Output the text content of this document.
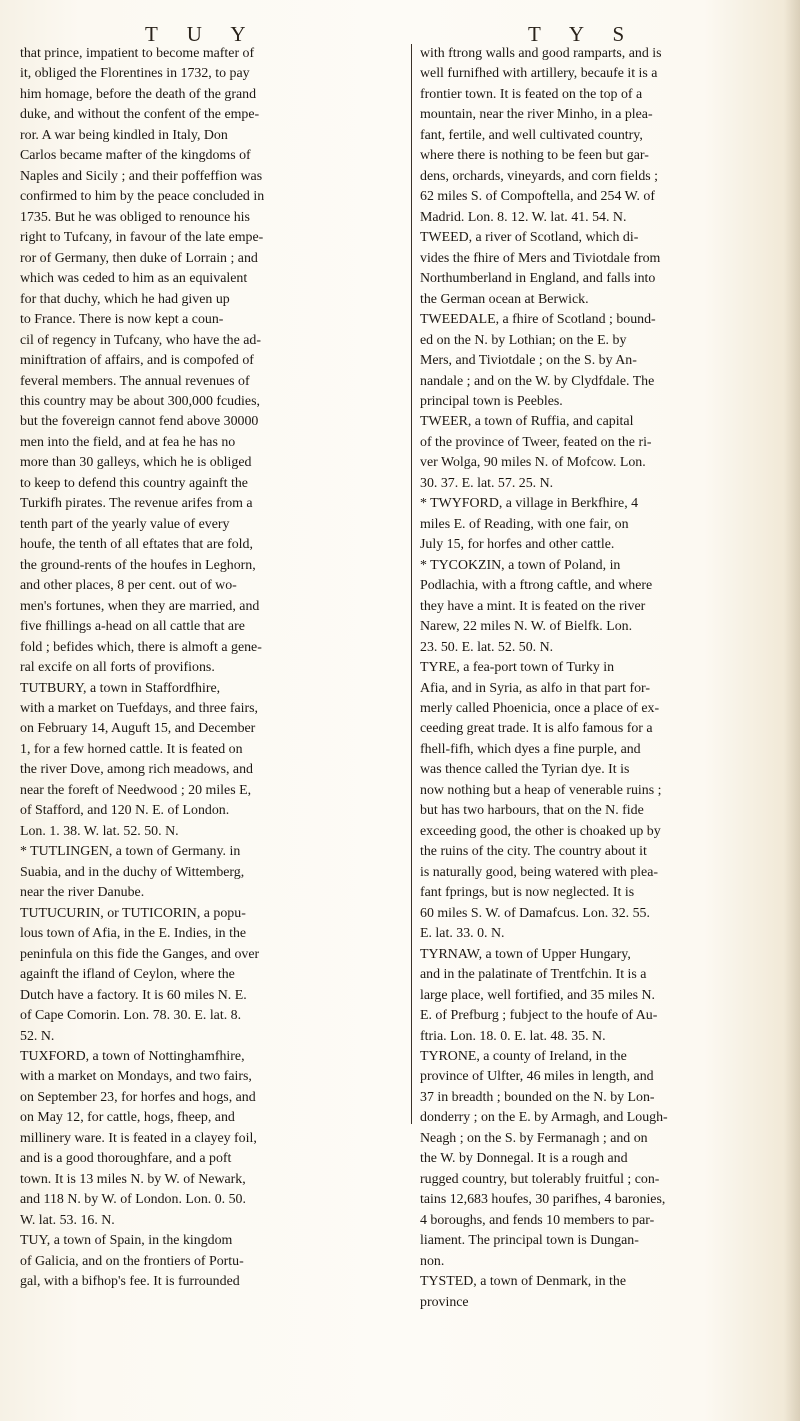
T U Y	T Y S
that prince, impatient to become mafter of
it, obliged the Florentines in 1732, to pay
him homage, before the death of the grand
duke, and without the confent of the empe-
ror. A war being kindled in Italy, Don
Carlos became mafter of the kingdoms of
Naples and Sicily ; and their poffeffion was
confirmed to him by the peace concluded in
1735. But he was obliged to renounce his
right to Tufcany, in favour of the late empe-
ror of Germany, then duke of Lorrain ; and
which was ceded to him as an equivalent
for that duchy, which he had given up
to France. There is now kept a coun-
cil of regency in Tufcany, who have the ad-
miniftration of affairs, and is compofed of
feveral members. The annual revenues of
this country may be about 300,000 fcudies,
but the fovereign cannot fend above 30000
men into the field, and at fea he has no
more than 30 galleys, which he is obliged
to keep to defend this country againft the
Turkifh pirates. The revenue arifes from a
tenth part of the yearly value of every
houfe, the tenth of all eftates that are fold,
the ground-rents of the houfes in Leghorn,
and other places, 8 per cent. out of wo-
men's fortunes, when they are married, and
five fhillings a-head on all cattle that are
fold ; befides which, there is almoft a gene-
ral excife on all forts of provifions.
TUTBURY, a town in Staffordfhire,
with a market on Tuefdays, and three fairs,
on February 14, Auguft 15, and December
1, for a few horned cattle. It is feated on
the river Dove, among rich meadows, and
near the foreft of Needwood ; 20 miles E,
of Stafford, and 120 N. E. of London.
Lon. 1. 38. W. lat. 52. 50. N.
* TUTLINGEN, a town of Germany. in
Suabia, and in the duchy of Wittemberg,
near the river Danube.
TUTUCURIN, or TUTICORIN, a popu-
lous town of Afia, in the E. Indies, in the
peninfula on this fide the Ganges, and over
againft the ifland of Ceylon, where the
Dutch have a factory. It is 60 miles N. E.
of Cape Comorin. Lon. 78. 30. E. lat. 8.
52. N.
TUXFORD, a town of Nottinghamfhire,
with a market on Mondays, and two fairs,
on September 23, for horfes and hogs, and
on May 12, for cattle, hogs, fheep, and
millinery ware. It is feated in a clayey foil,
and is a good thoroughfare, and a poft
town. It is 13 miles N. by W. of Newark,
and 118 N. by W. of London. Lon. 0. 50.
W. lat. 53. 16. N.
TUY, a town of Spain, in the kingdom
of Galicia, and on the frontiers of Portu-
gal, with a bifhop's fee. It is furrounded
with ftrong walls and good ramparts, and is
well furnifhed with artillery, becaufe it is a
frontier town. It is feated on the top of a
mountain, near the river Minho, in a plea-
fant, fertile, and well cultivated country,
where there is nothing to be feen but gar-
dens, orchards, vineyards, and corn fields ;
62 miles S. of Compoftella, and 254 W. of
Madrid. Lon. 8. 12. W. lat. 41. 54. N.
TWEED, a river of Scotland, which di-
vides the fhire of Mers and Tiviotdale from
Northumberland in England, and falls into
the German ocean at Berwick.
TWEEDALE, a fhire of Scotland ; bound-
ed on the N. by Lothian; on the E. by
Mers, and Tiviotdale ; on the S. by An-
nandale ; and on the W. by Clydfdale. The
principal town is Peebles.
TWEER, a town of Ruffia, and capital
of the province of Tweer, feated on the ri-
ver Wolga, 90 miles N. of Mofcow. Lon.
30. 37. E. lat. 57. 25. N.
* TWYFORD, a village in Berkfhire, 4
miles E. of Reading, with one fair, on
July 15, for horfes and other cattle.
* TYCOKZIN, a town of Poland, in
Podlachia, with a ftrong caftle, and where
they have a mint. It is feated on the river
Narew, 22 miles N. W. of Bielfk. Lon.
23. 50. E. lat. 52. 50. N.
TYRE, a fea-port town of Turky in
Afia, and in Syria, as alfo in that part for-
merly called Phoenicia, once a place of ex-
ceeding great trade. It is alfo famous for a
fhell-fifh, which dyes a fine purple, and
was thence called the Tyrian dye. It is
now nothing but a heap of venerable ruins ;
but has two harbours, that on the N. fide
exceeding good, the other is choaked up by
the ruins of the city. The country about it
is naturally good, being watered with plea-
fant fprings, but is now neglected. It is
60 miles S. W. of Damafcus. Lon. 32. 55.
E. lat. 33. 0. N.
TYRNAW, a town of Upper Hungary,
and in the palatinate of Trentfchin. It is a
large place, well fortified, and 35 miles N.
E. of Prefburg ; fubject to the houfe of Au-
ftria. Lon. 18. 0. E. lat. 48. 35. N.
TYRONE, a county of Ireland, in the
province of Ulfter, 46 miles in length, and
37 in breadth ; bounded on the N. by Lon-
donderry ; on the E. by Armagh, and Lough-
Neagh ; on the S. by Fermanagh ; and on
the W. by Donnegal. It is a rough and
rugged country, but tolerably fruitful ; con-
tains 12,683 houfes, 30 parifhes, 4 baronies,
4 boroughs, and fends 10 members to par-
liament. The principal town is Dungan-
non.
TYSTED, a town of Denmark, in the
province
